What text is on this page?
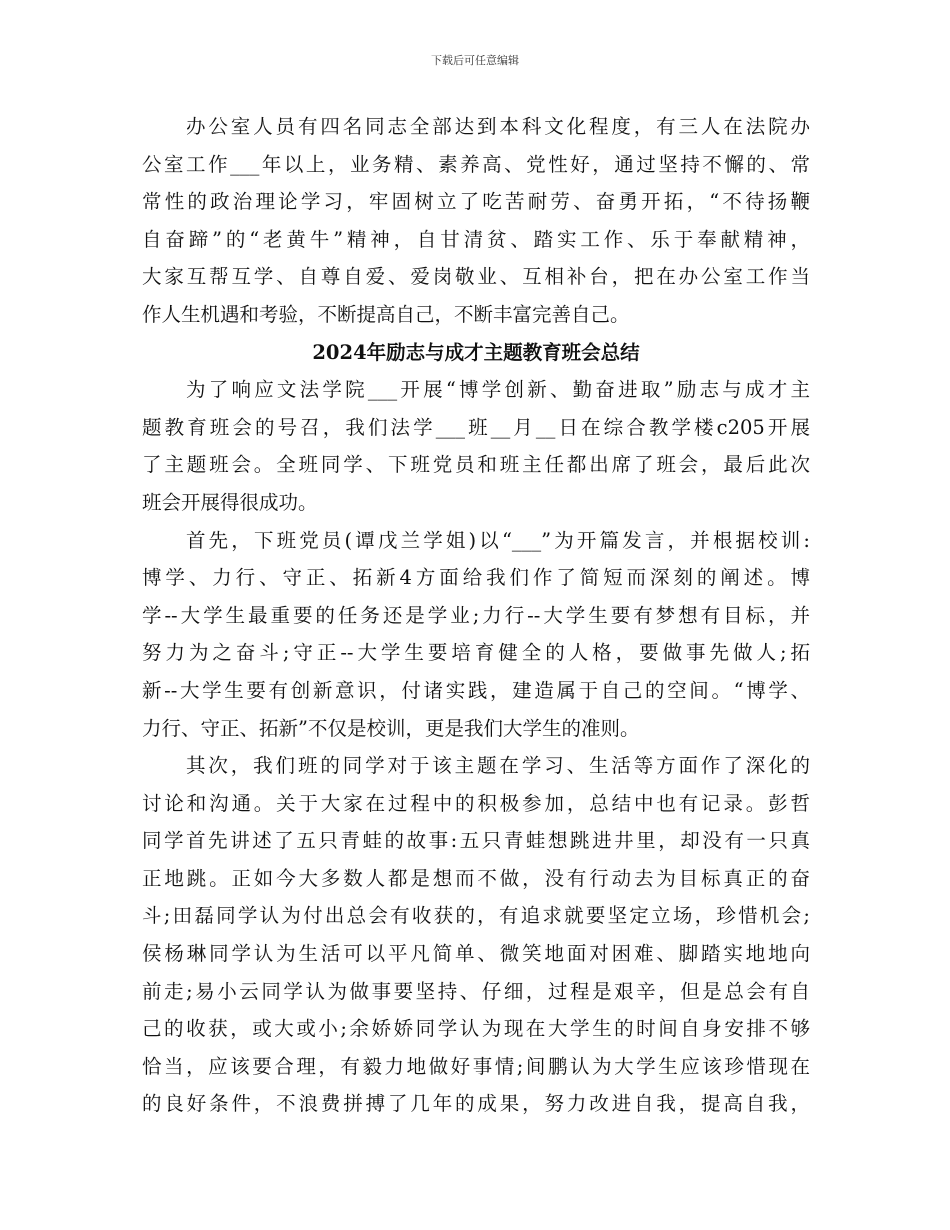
下载后可任意编辑
办公室人员有四名同志全部达到本科文化程度，有三人在法院办
公室工作___年以上，业务精、素养高、党性好，通过坚持不懈的、常
常性的政治理论学习，牢固树立了吃苦耐劳、奋勇开拓，“不待扬鞭
自奋蹄”的“老黄牛”精神，自甘清贫、踏实工作、乐于奉献精神，
大家互帮互学、自尊自爱、爱岗敬业、互相补台，把在办公室工作当
作人生机遇和考验，不断提高自己，不断丰富完善自己。
2024年励志与成才主题教育班会总结
为了响应文法学院___开展“博学创新、勤奋进取”励志与成才主
题教育班会的号召，我们法学___班__月__日在综合教学楼c205开展
了主题班会。全班同学、下班党员和班主任都出席了班会，最后此次
班会开展得很成功。
首先，下班党员(谭戊兰学姐)以“___”为开篇发言，并根据校训:
博学、力行、守正、拓新4方面给我们作了简短而深刻的阐述。博
学--大学生最重要的任务还是学业;力行--大学生要有梦想有目标，并
努力为之奋斗;守正--大学生要培育健全的人格，要做事先做人;拓
新--大学生要有创新意识，付诸实践，建造属于自己的空间。“博学、
力行、守正、拓新”不仅是校训，更是我们大学生的准则。
其次，我们班的同学对于该主题在学习、生活等方面作了深化的
讨论和沟通。关于大家在过程中的积极参加，总结中也有记录。彭哲
同学首先讲述了五只青蛙的故事:五只青蛙想跳进井里，却没有一只真
正地跳。正如今大多数人都是想而不做，没有行动去为目标真正的奋
斗;田磊同学认为付出总会有收获的，有追求就要坚定立场，珍惜机会;
侯杨琳同学认为生活可以平凡简单、微笑地面对困难、脚踏实地地向
前走;易小云同学认为做事要坚持、仔细，过程是艰辛，但是总会有自
己的收获，或大或小;余娇娇同学认为现在大学生的时间自身安排不够
恰当，应该要合理，有毅力地做好事情;间鹏认为大学生应该珍惜现在
的良好条件，不浪费拼搏了几年的成果，努力改进自我，提高自我，
